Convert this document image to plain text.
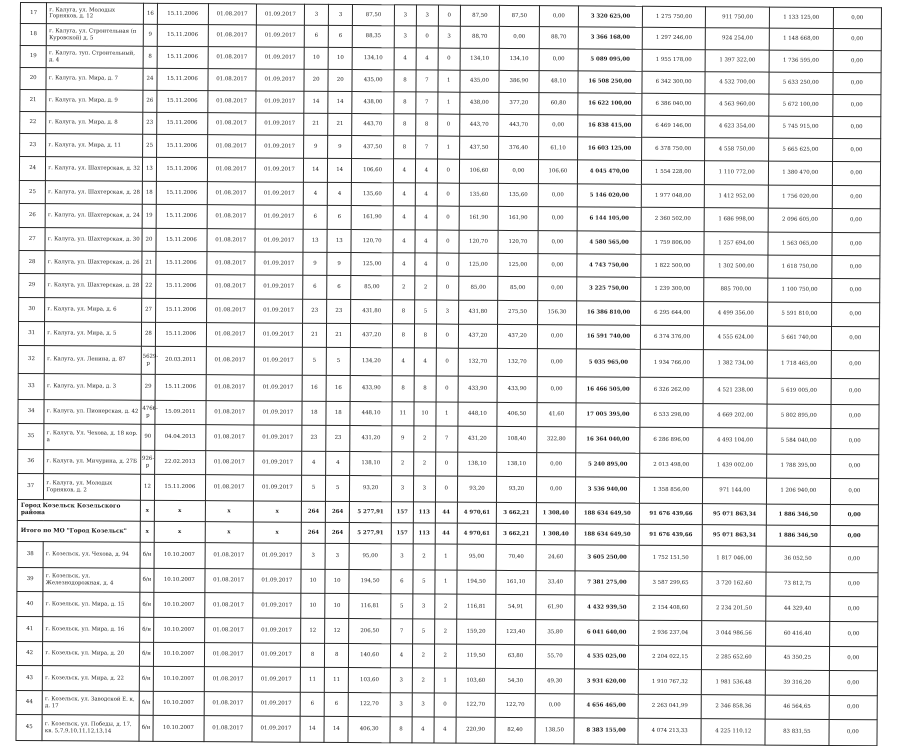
17	г. Калуга, ул. Молодых Горняков, д. 12	16	15.11.2006	01.08.2017	01.09.2017	3	3	87,50	3	3	0	87,50	87,50	0,00	3 320 625,00	1 275 750,00	911 750,00	1 133 125,00	0,00
18	г. Калуга, ул. Строительная (п Куровской) д. 5	9	15.11.2006	01.08.2017	01.09.2017	6	6	88,35	3	0	3	88,70	0,00	88,70	3 366 168,00	1 297 246,00	924 254,00	1 148 668,00	0,00
19	г. Калуга, туп. Строительный, д. 4	8	15.11.2006	01.08.2017	01.09.2017	10	10	134,10	4	4	0	134,10	134,10	0,00	5 089 095,00	1 955 178,00	1 397 322,00	1 736 595,00	0,00
20	г. Калуга, ул. Мира, д. 7	24	15.11.2006	01.08.2017	01.09.2017	20	20	435,00	8	7	1	435,00	386,90	48,10	16 508 250,00	6 342 300,00	4 532 700,00	5 633 250,00	0,00
21	г. Калуга, ул. Мира, д. 9	26	15.11.2006	01.08.2017	01.09.2017	14	14	438,00	8	7	1	438,00	377,20	60,80	16 622 100,00	6 386 040,00	4 563 960,00	5 672 100,00	0,00
22	г. Калуга, ул. Мира, д. 8	23	15.11.2006	01.08.2017	01.09.2017	21	21	443,70	8	8	0	443,70	443,70	0,00	16 838 415,00	6 469 146,00	4 623 354,00	5 745 915,00	0,00
23	г. Калуга, ул. Мира, д. 11	25	15.11.2006	01.08.2017	01.09.2017	9	9	437,50	8	7	1	437,50	376,40	61,10	16 603 125,00	6 378 750,00	4 558 750,00	5 665 625,00	0,00
24	г. Калуга, ул. Шахтерская, д. 32	13	15.11.2006	01.08.2017	01.09.2017	14	14	106,60	4	4	0	106,60	0,00	106,60	4 045 470,00	1 554 228,00	1 110 772,00	1 380 470,00	0,00
25	г. Калуга, ул. Шахтерская, д. 28	18	15.11.2006	01.08.2017	01.09.2017	4	4	135,60	4	4	0	135,60	135,60	0,00	5 146 020,00	1 977 048,00	1 412 952,00	1 756 020,00	0,00
26	г. Калуга, ул. Шахтерская, д. 24	19	15.11.2006	01.08.2017	01.09.2017	6	6	161,90	4	4	0	161,90	161,90	0,00	6 144 105,00	2 360 502,00	1 686 998,00	2 096 605,00	0,00
27	г. Калуга, ул. Шахтерская, д. 30	20	15.11.2006	01.08.2017	01.09.2017	13	13	120,70	4	4	0	120,70	120,70	0,00	4 580 565,00	1 759 806,00	1 257 694,00	1 563 065,00	0,00
28	г. Калуга, ул. Шахтерская, д. 26	21	15.11.2006	01.08.2017	01.09.2017	9	9	125,00	4	4	0	125,00	125,00	0,00	4 743 750,00	1 822 500,00	1 302 500,00	1 618 750,00	0,00
29	г. Калуга, ул. Шахтерская, д. 28	22	15.11.2006	01.08.2017	01.09.2017	6	6	85,00	2	2	0	85,00	85,00	0,00	3 225 750,00	1 239 300,00	885 700,00	1 100 750,00	0,00
30	г. Калуга, ул. Мира, д. 6	27	15.11.2006	01.08.2017	01.09.2017	23	23	431,80	8	5	3	431,80	275,50	156,30	16 386 810,00	6 295 644,00	4 499 356,00	5 591 810,00	0,00
31	г. Калуга, ул. Мира, д. 5	28	15.11.2006	01.08.2017	01.09.2017	21	21	437,20	8	8	0	437,20	437,20	0,00	16 591 740,00	6 374 376,00	4 555 624,00	5 661 740,00	0,00
32	г. Калуга, ул. Ленина, д. 87	5629-р	20.03.2011	01.08.2017	01.09.2017	5	5	134,20	4	4	0	132,70	132,70	0,00	5 035 965,00	1 934 766,00	1 382 734,00	1 718 465,00	0,00
33	г. Калуга, ул. Мира, д. 3	29	15.11.2006	01.08.2017	01.09.2017	16	16	433,90	8	8	0	433,90	433,90	0,00	16 466 505,00	6 326 262,00	4 521 238,00	5 619 005,00	0,00
34	г. Калуга, ул. Пионерская, д. 42	4766-р	15.09.2011	01.08.2017	01.09.2017	18	18	448,10	11	10	1	448,10	406,50	41,60	17 005 395,00	6 533 298,00	4 669 202,00	5 802 895,00	0,00
35	г. Калуга, Ул. Чехова, д. 18 кор. а	90	04.04.2013	01.08.2017	01.09.2017	23	23	431,20	9	2	7	431,20	108,40	322,80	16 364 040,00	6 286 896,00	4 493 104,00	5 584 040,00	0,00
36	г. Калуга, ул. Мичурина, д. 27Б	926-р	22.02.2013	01.08.2017	01.09.2017	4	4	138,10	2	2	0	138,10	138,10	0,00	5 240 895,00	2 013 498,00	1 439 002,00	1 788 395,00	0,00
37	г. Калуга, ул. Молодых Горняков, д. 2	12	15.11.2006	01.08.2017	01.09.2017	5	5	93,20	3	3	0	93,20	93,20	0,00	3 536 940,00	1 358 856,00	971 144,00	1 206 940,00	0,00
Город Козельск Козельского района		x	x	x	x	264	264	5 277,91	157	113	44	4 970,61	3 662,21	1 308,40	188 634 649,50	91 676 439,66	95 071 863,34	1 886 346,50	0,00
Итого по МО "Город Козельск"		x	x	x	x	264	264	5 277,91	157	113	44	4 970,61	3 662,21	1 308,40	188 634 649,50	91 676 439,66	95 071 863,34	1 886 346,50	0,00
38	г. Козельск, ул. Чехова, д. 94	б/н	10.10.2007	01.08.2017	01.09.2017	3	3	95,00	3	2	1	95,00	70,40	24,60	3 605 250,00	1 752 151,50	1 817 046,00	36 052,50	0,00
39	г. Козельск, ул. Железнодорожная, д. 4	б/н	10.10.2007	01.08.2017	01.09.2017	10	10	194,50	6	5	1	194,50	161,10	33,40	7 381 275,00	3 587 299,65	3 720 162,60	73 812,75	0,00
40	г. Козельск, ул. Мира, д. 15	б/н	10.10.2007	01.08.2017	01.09.2017	10	10	116,81	5	3	2	116,81	54,91	61,90	4 432 939,50	2 154 408,60	2 234 201,50	44 329,40	0,00
41	г. Козельск, ул. Мира, д. 16	б/н	10.10.2007	01.08.2017	01.09.2017	12	12	206,50	7	5	2	159,20	123,40	35,80	6 041 640,00	2 936 237,04	3 044 986,56	60 416,40	0,00
42	г. Козельск, ул. Мира, д. 20	б/н	10.10.2007	01.08.2017	01.09.2017	8	8	140,60	4	2	2	119,50	63,80	55,70	4 535 025,00	2 204 022,15	2 285 652,60	45 350,25	0,00
43	г. Козельск, ул. Мира, д. 22	б/н	10.10.2007	01.08.2017	01.09.2017	11	11	103,60	3	2	1	103,60	54,30	49,30	3 931 620,00	1 910 767,32	1 981 536,48	39 316,20	0,00
44	г. Козельск, ул. Заводской Е. к, д. 17	б/н	10.10.2007	01.08.2017	01.09.2017	6	6	122,70	3	3	0	122,70	122,70	0,00	4 656 465,00	2 263 041,99	2 346 858,36	46 564,65	0,00
45	г. Козельск, ул. Победы, д. 17, кв. 5,7,9,10,11,12,13,14	б/н	10.10.2007	01.08.2017	01.09.2017	14	14	406,30	8	4	4	220,90	82,40	138,50	8 383 155,00	4 074 213,33	4 225 110,12	83 831,55	0,00
